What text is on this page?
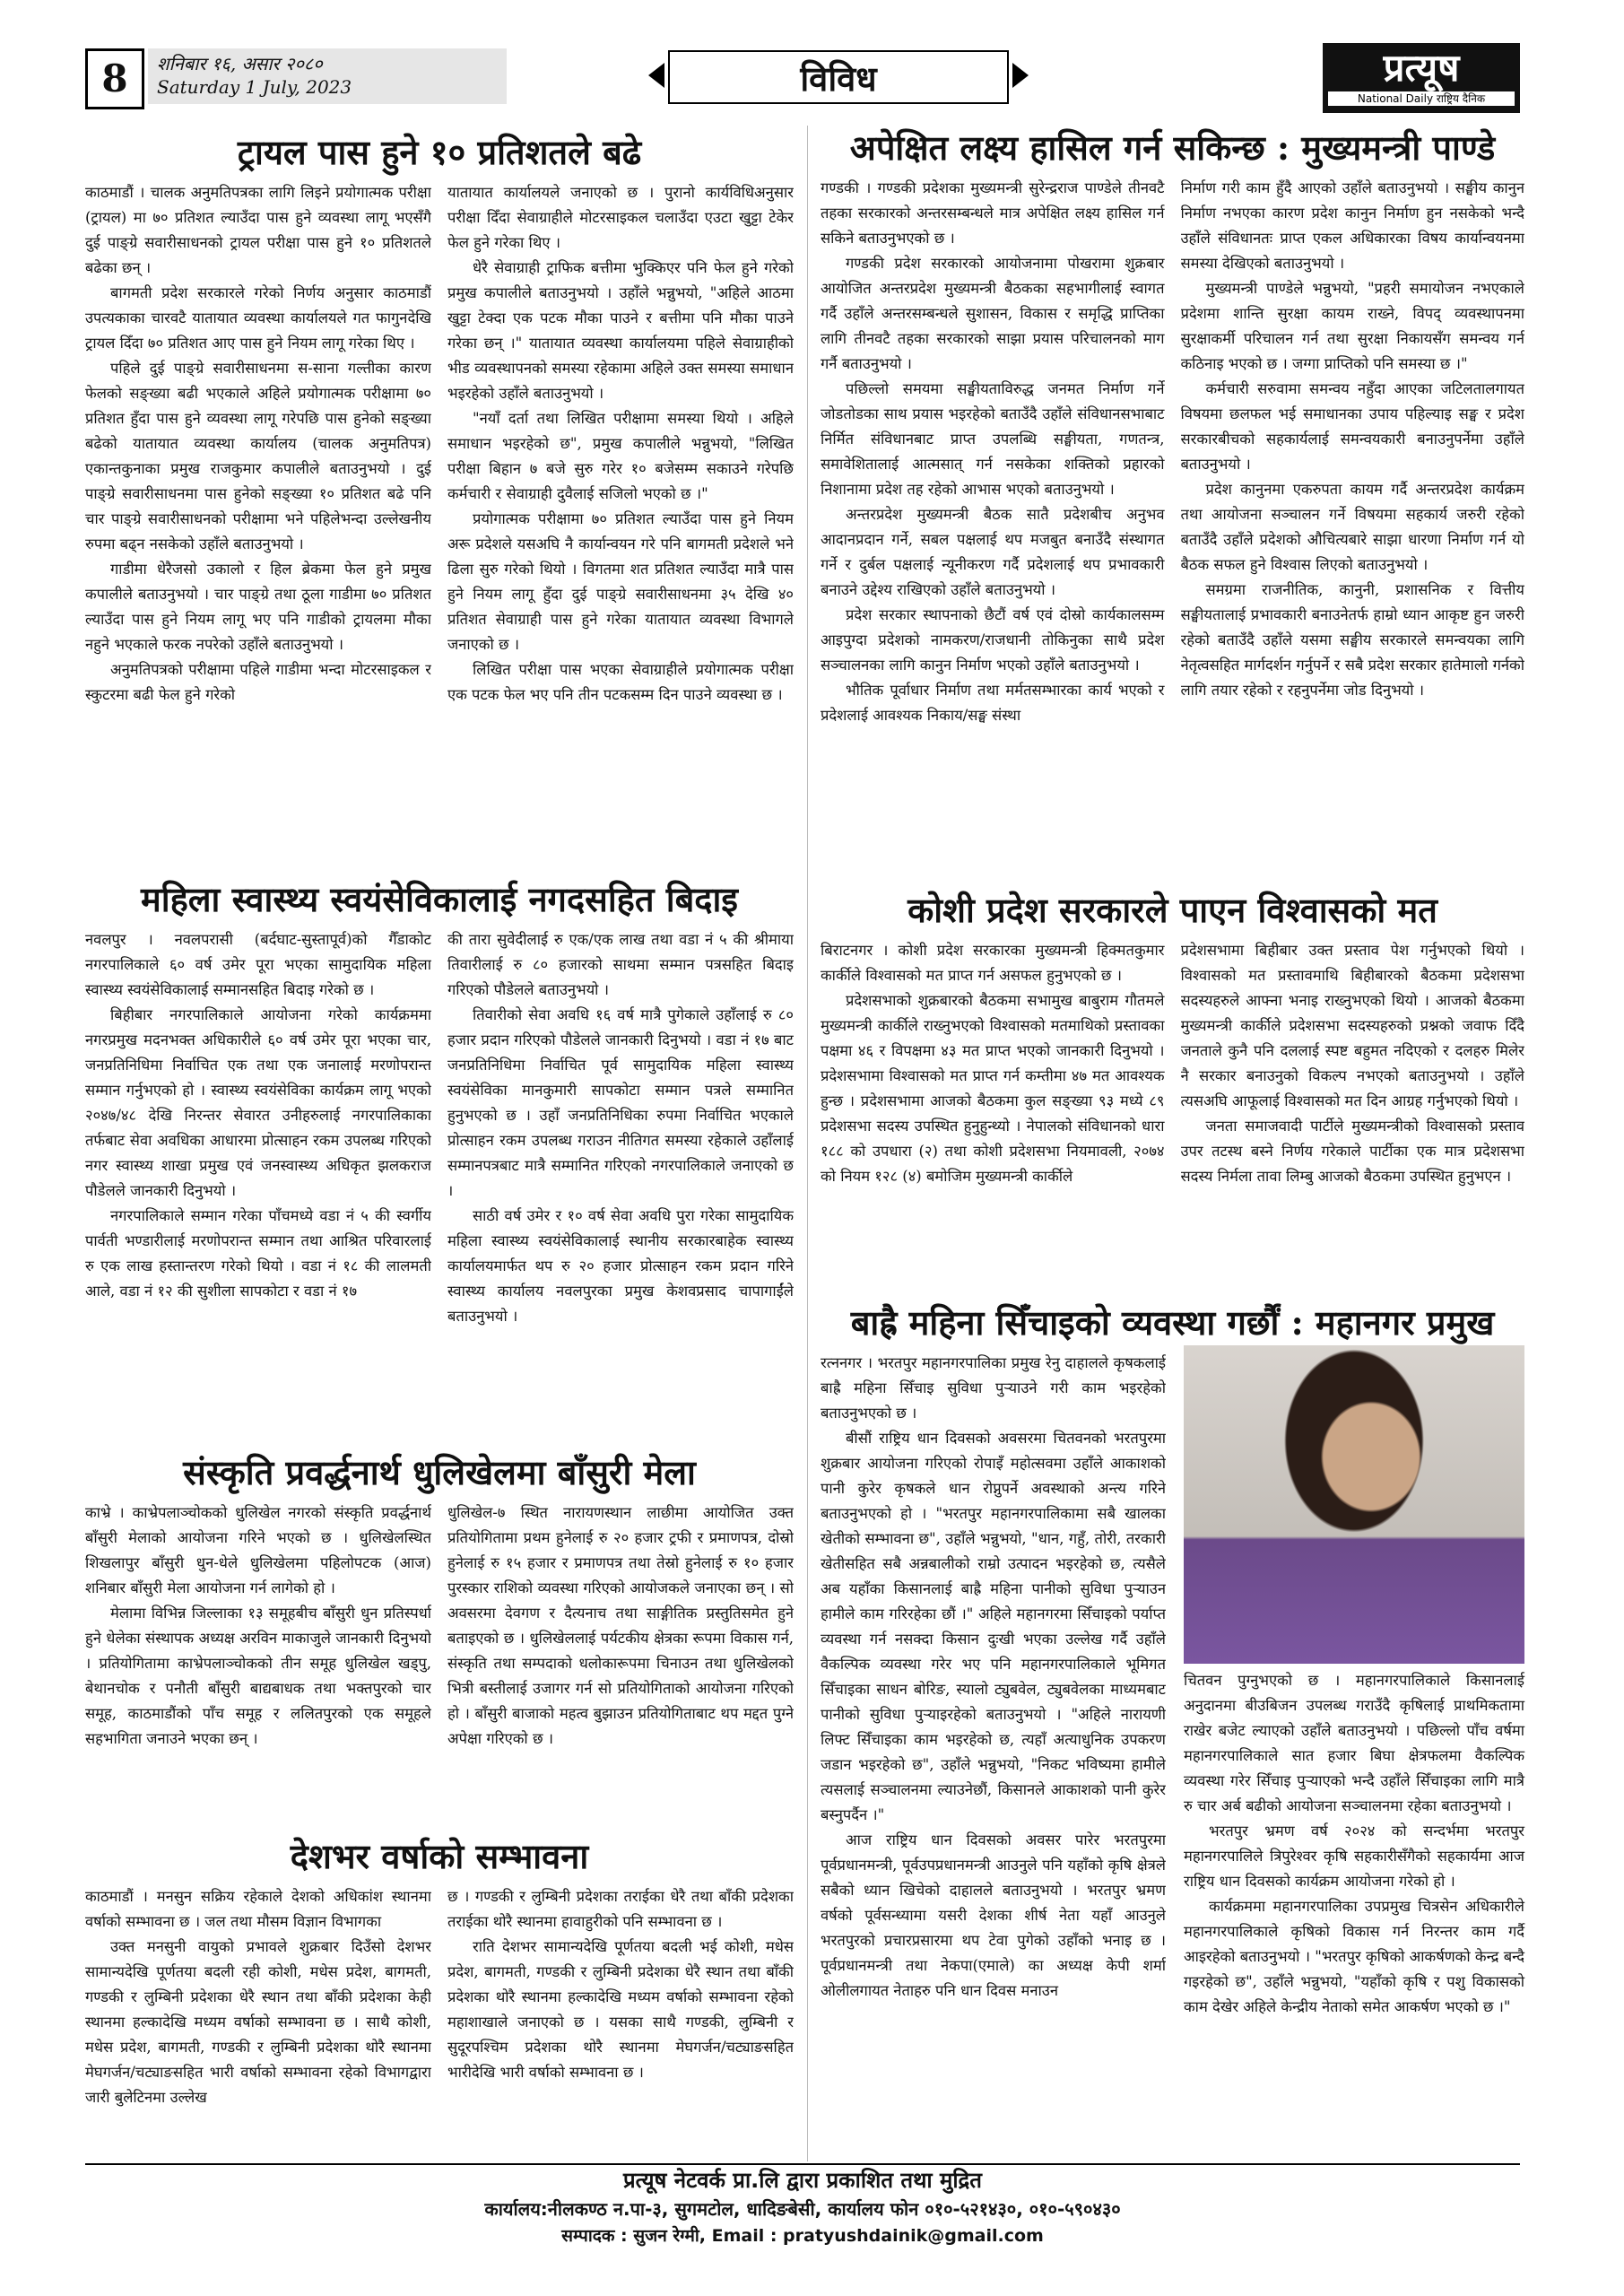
8	शनिबार १६, असार २०८०
Saturday 1 July, 2023	विविध	प्रत्यूष
National Daily राष्ट्रिय दैनिक
ट्रायल पास हुने १० प्रतिशतले बढे

काठमाडौं । चालक अनुमतिपत्रका लागि लिइने प्रयोगात्मक परीक्षा (ट्रायल) मा ७० प्रतिशत ल्याउँदा पास हुने व्यवस्था लागू भएसँगै दुई पाङ्ग्रे सवारीसाधनको ट्रायल परीक्षा पास हुने १० प्रतिशतले बढेका छन् ।

बागमती प्रदेश सरकारले गरेको निर्णय अनुसार काठमाडौं उपत्यकाका चारवटै यातायात व्यवस्था कार्यालयले गत फागुनदेखि ट्रायल दिँदा ७० प्रतिशत आए पास हुने नियम लागू गरेका थिए ।

पहिले दुई पाङ्ग्रे सवारीसाधनमा स-साना गल्तीका कारण फेलको सङ्ख्या बढी भएकाले अहिले प्रयोगात्मक परीक्षामा ७० प्रतिशत हुँदा पास हुने व्यवस्था लागू गरेपछि पास हुनेको सङ्ख्या बढेको यातायात व्यवस्था कार्यालय (चालक अनुमतिपत्र) एकान्तकुनाका प्रमुख राजकुमार कपालीले बताउनुभयो । दुई पाङ्ग्रे सवारीसाधनमा पास हुनेको सङ्ख्या १० प्रतिशत बढे पनि चार पाङ्ग्रे सवारीसाधनको परीक्षामा भने पहिलेभन्दा उल्लेखनीय रुपमा बढ्न नसकेको उहाँले बताउनुभयो ।

गाडीमा धेरैजसो उकालो र हिल ब्रेकमा फेल हुने प्रमुख कपालीले बताउनुभयो । चार पाङ्ग्रे तथा ठूला गाडीमा ७० प्रतिशत ल्याउँदा पास हुने नियम लागू भए पनि गाडीको ट्रायलमा मौका नहुने भएकाले फरक नपरेको उहाँले बताउनुभयो ।

अनुमतिपत्रको परीक्षामा पहिले गाडीमा भन्दा मोटरसाइकल र स्कुटरमा बढी फेल हुने गरेको

यातायात कार्यालयले जनाएको छ । पुरानो कार्यविधिअनुसार परीक्षा दिँदा सेवाग्राहीले मोटरसाइकल चलाउँदा एउटा खुट्टा टेकेर फेल हुने गरेका थिए ।

धेरै सेवाग्राही ट्राफिक बत्तीमा भुक्किएर पनि फेल हुने गरेको प्रमुख कपालीले बताउनुभयो । उहाँले भन्नुभयो, "अहिले आठमा खुट्टा टेक्दा एक पटक मौका पाउने र बत्तीमा पनि मौका पाउने गरेका छन् ।" यातायात व्यवस्था कार्यालयमा पहिले सेवाग्राहीको भीड व्यवस्थापनको समस्या रहेकामा अहिले उक्त समस्या समाधान भइरहेको उहाँले बताउनुभयो ।

"नयाँ दर्ता तथा लिखित परीक्षामा समस्या थियो । अहिले समाधान भइरहेको छ", प्रमुख कपालीले भन्नुभयो, "लिखित परीक्षा बिहान ७ बजे सुरु गरेर १० बजेसम्म सकाउने गरेपछि कर्मचारी र सेवाग्राही दुवैलाई सजिलो भएको छ ।"

प्रयोगात्मक परीक्षामा ७० प्रतिशत ल्याउँदा पास हुने नियम अरू प्रदेशले यसअघि नै कार्यान्वयन गरे पनि बागमती प्रदेशले भने ढिला सुरु गरेको थियो । विगतमा शत प्रतिशत ल्याउँदा मात्रै पास हुने नियम लागू हुँदा दुई पाङ्ग्रे सवारीसाधनमा ३५ देखि ४० प्रतिशत सेवाग्राही पास हुने गरेका यातायात व्यवस्था विभागले जनाएको छ ।

लिखित परीक्षा पास भएका सेवाग्राहीले प्रयोगात्मक परीक्षा एक पटक फेल भए पनि तीन पटकसम्म दिन पाउने व्यवस्था छ ।

महिला स्वास्थ्य स्वयंसेविकालाई नगदसहित बिदाइ

नवलपुर । नवलपरासी (बर्दघाट-सुस्तापूर्व)को गैँडाकोट नगरपालिकाले ६० वर्ष उमेर पूरा भएका सामुदायिक महिला स्वास्थ्य स्वयंसेविकालाई सम्मानसहित बिदाइ गरेको छ ।

बिहीबार नगरपालिकाले आयोजना गरेको कार्यक्रममा नगरप्रमुख मदनभक्त अधिकारीले ६० वर्ष उमेर पूरा भएका चार, जनप्रतिनिधिमा निर्वाचित एक तथा एक जनालाई मरणोपरान्त सम्मान गर्नुभएको हो । स्वास्थ्य स्वयंसेविका कार्यक्रम लागू भएको २०४७/४८ देखि निरन्तर सेवारत उनीहरुलाई नगरपालिकाका तर्फबाट सेवा अवधिका आधारमा प्रोत्साहन रकम उपलब्ध गरिएको नगर स्वास्थ्य शाखा प्रमुख एवं जनस्वास्थ्य अधिकृत झलकराज पौडेलले जानकारी दिनुभयो ।

नगरपालिकाले सम्मान गरेका पाँचमध्ये वडा नं ५ की स्वर्गीय पार्वती भण्डारीलाई मरणोपरान्त सम्मान तथा आश्रित परिवारलाई रु एक लाख हस्तान्तरण गरेको थियो । वडा नं १८ की लालमती आले, वडा नं १२ की सुशीला सापकोटा र वडा नं १७

की तारा सुवेदीलाई रु एक/एक लाख तथा वडा नं ५ की श्रीमाया तिवारीलाई रु ८० हजारको साथमा सम्मान पत्रसहित बिदाइ गरिएको पौडेलले बताउनुभयो ।

तिवारीको सेवा अवधि १६ वर्ष मात्रै पुगेकाले उहाँलाई रु ८० हजार प्रदान गरिएको पौडेलले जानकारी दिनुभयो । वडा नं १७ बाट जनप्रतिनिधिमा निर्वाचित पूर्व सामुदायिक महिला स्वास्थ्य स्वयंसेविका मानकुमारी सापकोटा सम्मान पत्रले सम्मानित हुनुभएको छ । उहाँ जनप्रतिनिधिका रुपमा निर्वाचित भएकाले प्रोत्साहन रकम उपलब्ध गराउन नीतिगत समस्या रहेकाले उहाँलाई सम्मानपत्रबाट मात्रै सम्मानित गरिएको नगरपालिकाले जनाएको छ ।

साठी वर्ष उमेर र १० वर्ष सेवा अवधि पुरा गरेका सामुदायिक महिला स्वास्थ्य स्वयंसेविकालाई स्थानीय सरकारबाहेक स्वास्थ्य कार्यालयमार्फत थप रु २० हजार प्रोत्साहन रकम प्रदान गरिने स्वास्थ्य कार्यालय नवलपुरका प्रमुख केशवप्रसाद चापागाईंले बताउनुभयो ।

संस्कृति प्रवर्द्धनार्थ धुलिखेलमा बाँसुरी मेला

काभ्रे । काभ्रेपलाञ्चोकको धुलिखेल नगरको संस्कृति प्रवर्द्धनार्थ बाँसुरी मेलाको आयोजना गरिने भएको छ । धुलिखेलस्थित शिखलापुर बाँसुरी धुन-धेले धुलिखेलमा पहिलोपटक (आज) शनिबार बाँसुरी मेला आयोजना गर्न लागेको हो ।

मेलामा विभिन्न जिल्लाका १३ समूहबीच बाँसुरी धुन प्रतिस्पर्धा हुने धेलेका संस्थापक अध्यक्ष अरविन माकाजुले जानकारी दिनुभयो । प्रतियोगितामा काभ्रेपलाञ्चोकको तीन समूह धुलिखेल खड्पु, बेथानचोक र पनौती बाँसुरी बाद्यबाधक तथा भक्तपुरको चार समूह, काठमाडौंको पाँच समूह र ललितपुरको एक समूहले सहभागिता जनाउने भएका छन् ।

धुलिखेल-७ स्थित नारायणस्थान लाछीमा आयोजित उक्त प्रतियोगितामा प्रथम हुनेलाई रु २० हजार ट्रफी र प्रमाणपत्र, दोस्रो हुनेलाई रु १५ हजार र प्रमाणपत्र तथा तेस्रो हुनेलाई रु १० हजार पुरस्कार राशिको व्यवस्था गरिएको आयोजकले जनाएका छन् । सो अवसरमा देवगण र दैत्यनाच तथा साङ्गीतिक प्रस्तुतिसमेत हुने बताइएको छ । धुलिखेललाई पर्यटकीय क्षेत्रका रूपमा विकास गर्न, संस्कृति तथा सम्पदाको धलोकारूपमा चिनाउन तथा धुलिखेलको भित्री बस्तीलाई उजागर गर्न सो प्रतियोगिताको आयोजना गरिएको हो । बाँसुरी बाजाको महत्व बुझाउन प्रतियोगिताबाट थप मद्दत पुग्ने अपेक्षा गरिएको छ ।

देशभर वर्षाको सम्भावना

काठमाडौं । मनसुन सक्रिय रहेकाले देशको अधिकांश स्थानमा वर्षाको सम्भावना छ । जल तथा मौसम विज्ञान विभागका

उक्त मनसुनी वायुको प्रभावले शुक्रबार दिउँसो देशभर सामान्यदेखि पूर्णतया बदली रही कोशी, मधेस प्रदेश, बागमती, गण्डकी र लुम्बिनी प्रदेशका धेरै स्थान तथा बाँकी प्रदेशका केही स्थानमा हल्कादेखि मध्यम वर्षाको सम्भावना छ । साथै कोशी, मधेस प्रदेश, बागमती, गण्डकी र लुम्बिनी प्रदेशका थोरै स्थानमा मेघगर्जन/चट्याङसहित भारी वर्षाको सम्भावना रहेको विभागद्वारा जारी बुलेटिनमा उल्लेख

छ । गण्डकी र लुम्बिनी प्रदेशका तराईका धेरै तथा बाँकी प्रदेशका तराईका थोरै स्थानमा हावाहुरीको पनि सम्भावना छ ।

राति देशभर सामान्यदेखि पूर्णतया बदली भई कोशी, मधेस प्रदेश, बागमती, गण्डकी र लुम्बिनी प्रदेशका धेरै स्थान तथा बाँकी प्रदेशका थोरै स्थानमा हल्कादेखि मध्यम वर्षाको सम्भावना रहेको महाशाखाले जनाएको छ । यसका साथै गण्डकी, लुम्बिनी र सुदूरपश्चिम प्रदेशका थोरै स्थानमा मेघगर्जन/चट्याङसहित भारीदेखि भारी वर्षाको सम्भावना छ ।

अपेक्षित लक्ष्य हासिल गर्न सकिन्छ : मुख्यमन्त्री पाण्डे

गण्डकी । गण्डकी प्रदेशका मुख्यमन्त्री सुरेन्द्रराज पाण्डेले तीनवटै तहका सरकारको अन्तरसम्बन्धले मात्र अपेक्षित लक्ष्य हासिल गर्न सकिने बताउनुभएको छ ।

गण्डकी प्रदेश सरकारको आयोजनामा पोखरामा शुक्रबार आयोजित अन्तरप्रदेश मुख्यमन्त्री बैठकका सहभागीलाई स्वागत गर्दै उहाँले अन्तरसम्बन्धले सुशासन, विकास र समृद्धि प्राप्तिका लागि तीनवटै तहका सरकारको साझा प्रयास परिचालनको माग गर्नै बताउनुभयो ।

पछिल्लो समयमा सङ्घीयताविरुद्ध जनमत निर्माण गर्ने जोडतोडका साथ प्रयास भइरहेको बताउँदै उहाँले संविधानसभाबाट निर्मित संविधानबाट प्राप्त उपलब्धि सङ्घीयता, गणतन्त्र, समावेशितालाई आत्मसात् गर्न नसकेका शक्तिको प्रहारको निशानामा प्रदेश तह रहेको आभास भएको बताउनुभयो ।

अन्तरप्रदेश मुख्यमन्त्री बैठक सातै प्रदेशबीच अनुभव आदानप्रदान गर्ने, सबल पक्षलाई थप मजबुत बनाउँदै संस्थागत गर्ने र दुर्बल पक्षलाई न्यूनीकरण गर्दै प्रदेशलाई थप प्रभावकारी बनाउने उद्देश्य राखिएको उहाँले बताउनुभयो ।

प्रदेश सरकार स्थापनाको छैटौं वर्ष एवं दोस्रो कार्यकालसम्म आइपुग्दा प्रदेशको नामकरण/राजधानी तोकिनुका साथै प्रदेश सञ्चालनका लागि कानुन निर्माण भएको उहाँले बताउनुभयो ।

भौतिक पूर्वाधार निर्माण तथा मर्मतसम्भारका कार्य भएको र प्रदेशलाई आवश्यक निकाय/सङ्घ संस्था

निर्माण गरी काम हुँदै आएको उहाँले बताउनुभयो । सङ्घीय कानुन निर्माण नभएका कारण प्रदेश कानुन निर्माण हुन नसकेको भन्दै उहाँले संविधानतः प्राप्त एकल अधिकारका विषय कार्यान्वयनमा समस्या देखिएको बताउनुभयो ।

मुख्यमन्त्री पाण्डेले भन्नुभयो, "प्रहरी समायोजन नभएकाले प्रदेशमा शान्ति सुरक्षा कायम राख्ने, विपद् व्यवस्थापनमा सुरक्षाकर्मी परिचालन गर्न तथा सुरक्षा निकायसँग समन्वय गर्न कठिनाइ भएको छ । जग्गा प्राप्तिको पनि समस्या छ ।"

कर्मचारी सरुवामा समन्वय नहुँदा आएका जटिलतालगायत विषयमा छलफल भई समाधानका उपाय पहिल्याइ सङ्घ र प्रदेश सरकारबीचको सहकार्यलाई समन्वयकारी बनाउनुपर्नेमा उहाँले बताउनुभयो ।

प्रदेश कानुनमा एकरुपता कायम गर्दै अन्तरप्रदेश कार्यक्रम तथा आयोजना सञ्चालन गर्ने विषयमा सहकार्य जरुरी रहेको बताउँदै उहाँले प्रदेशको औचित्यबारे साझा धारणा निर्माण गर्न यो बैठक सफल हुने विश्वास लिएको बताउनुभयो ।

समग्रमा राजनीतिक, कानुनी, प्रशासनिक र वित्तीय सङ्घीयतालाई प्रभावकारी बनाउनेतर्फ हाम्रो ध्यान आकृष्ट हुन जरुरी रहेको बताउँदै उहाँले यसमा सङ्घीय सरकारले समन्वयका लागि नेतृत्वसहित मार्गदर्शन गर्नुपर्ने र सबै प्रदेश सरकार हातेमालो गर्नको लागि तयार रहेको र रहनुपर्नेमा जोड दिनुभयो ।

कोशी प्रदेश सरकारले पाएन विश्वासको मत

बिराटनगर । कोशी प्रदेश सरकारका मुख्यमन्त्री हिक्मतकुमार कार्कीले विश्वासको मत प्राप्त गर्न असफल हुनुभएको छ ।

प्रदेशसभाको शुक्रबारको बैठकमा सभामुख बाबुराम गौतमले मुख्यमन्त्री कार्कीले राख्नुभएको विश्वासको मतमाथिको प्रस्तावका पक्षमा ४६ र विपक्षमा ४३ मत प्राप्त भएको जानकारी दिनुभयो । प्रदेशसभामा विश्वासको मत प्राप्त गर्न कम्तीमा ४७ मत आवश्यक हुन्छ । प्रदेशसभामा आजको बैठकमा कुल सङ्ख्या ९३ मध्ये ८९ प्रदेशसभा सदस्य उपस्थित हुनुहुन्थ्यो । नेपालको संविधानको धारा १८८ को उपधारा (२) तथा कोशी प्रदेशसभा नियमावली, २०७४ को नियम १२८ (४) बमोजिम मुख्यमन्त्री कार्कीले

प्रदेशसभामा बिहीबार उक्त प्रस्ताव पेश गर्नुभएको थियो । विश्वासको मत प्रस्तावमाथि बिहीबारको बैठकमा प्रदेशसभा सदस्यहरुले आफ्ना भनाइ राख्नुभएको थियो । आजको बैठकमा मुख्यमन्त्री कार्कीले प्रदेशसभा सदस्यहरुको प्रश्नको जवाफ दिँदै जनताले कुनै पनि दललाई स्पष्ट बहुमत नदिएको र दलहरु मिलेर नै सरकार बनाउनुको विकल्प नभएको बताउनुभयो । उहाँले त्यसअघि आफूलाई विश्वासको मत दिन आग्रह गर्नुभएको थियो ।

जनता समाजवादी पार्टीले मुख्यमन्त्रीको विश्वासको प्रस्ताव उपर तटस्थ बस्ने निर्णय गरेकाले पार्टीका एक मात्र प्रदेशसभा सदस्य निर्मला तावा लिम्बु आजको बैठकमा उपस्थित हुनुभएन ।

बाह्रै महिना सिँचाइको व्यवस्था गर्छौं : महानगर प्रमुख

रत्ननगर । भरतपुर महानगरपालिका प्रमुख रेनु दाहालले कृषकलाई बाह्रै महिना सिँचाइ सुविधा पुऱ्याउने गरी काम भइरहेको बताउनुभएको छ ।

बीसौं राष्ट्रिय धान दिवसको अवसरमा चितवनको भरतपुरमा शुक्रबार आयोजना गरिएको रोपाइँ महोत्सवमा उहाँले आकाशको पानी कुरेर कृषकले धान रोप्नुपर्ने अवस्थाको अन्त्य गरिने बताउनुभएको हो । "भरतपुर महानगरपालिकामा सबै खालका खेतीको सम्भावना छ", उहाँले भन्नुभयो, "धान, गहुँ, तोरी, तरकारी खेतीसहित सबै अन्नबालीको राम्रो उत्पादन भइरहेको छ, त्यसैले अब यहाँका किसानलाई बाह्रै महिना पानीको सुविधा पुऱ्याउन हामीले काम गरिरहेका छौं ।" अहिले महानगरमा सिँचाइको पर्याप्त व्यवस्था गर्न नसक्दा किसान दुःखी भएका उल्लेख गर्दै उहाँले वैकल्पिक व्यवस्था गरेर भए पनि महानगरपालिकाले भूमिगत सिँचाइका साधन बोरिङ, स्यालो ट्युबवेल, ट्युबवेलका माध्यमबाट पानीको सुविधा पुऱ्याइरहेको बताउनुभयो । "अहिले नारायणी लिफ्ट सिँचाइका काम भइरहेको छ, त्यहाँ अत्याधुनिक उपकरण जडान भइरहेको छ", उहाँले भन्नुभयो, "निकट भविष्यमा हामीले त्यसलाई सञ्चालनमा ल्याउनेछौं, किसानले आकाशको पानी कुरेर बस्नुपर्दैन ।"

आज राष्ट्रिय धान दिवसको अवसर पारेर भरतपुरमा पूर्वप्रधानमन्त्री, पूर्वउपप्रधानमन्त्री आउनुले पनि यहाँको कृषि क्षेत्रले सबैको ध्यान खिचेको दाहालले बताउनुभयो । भरतपुर भ्रमण वर्षको पूर्वसन्ध्यामा यसरी देशका शीर्ष नेता यहाँ आउनुले भरतपुरको प्रचारप्रसारमा थप टेवा पुगेको उहाँको भनाइ छ । पूर्वप्रधानमन्त्री तथा नेकपा(एमाले) का अध्यक्ष केपी शर्मा ओलीलगायत नेताहरु पनि धान दिवस मनाउन

चितवन पुग्नुभएको छ । महानगरपालिकाले किसानलाई अनुदानमा बीउबिजन उपलब्ध गराउँदै कृषिलाई प्राथमिकतामा राखेर बजेट ल्याएको उहाँले बताउनुभयो । पछिल्लो पाँच वर्षमा महानगरपालिकाले सात हजार बिघा क्षेत्रफलमा वैकल्पिक व्यवस्था गरेर सिँचाइ पुऱ्याएको भन्दै उहाँले सिँचाइका लागि मात्रै रु चार अर्ब बढीको आयोजना सञ्चालनमा रहेका बताउनुभयो ।

भरतपुर भ्रमण वर्ष २०२४ को सन्दर्भमा भरतपुर महानगरपालिले त्रिपुरेश्वर कृषि सहकारीसँगैको सहकार्यमा आज राष्ट्रिय धान दिवसको कार्यक्रम आयोजना गरेको हो ।

कार्यक्रममा महानगरपालिका उपप्रमुख चित्रसेन अधिकारीले महानगरपालिकाले कृषिको विकास गर्न निरन्तर काम गर्दै आइरहेको बताउनुभयो । "भरतपुर कृषिको आकर्षणको केन्द्र बन्दै गइरहेको छ", उहाँले भन्नुभयो, "यहाँको कृषि र पशु विकासको काम देखेर अहिले केन्द्रीय नेताको समेत आकर्षण भएको छ ।"

प्रत्यूष नेटवर्क प्रा.लि द्वारा प्रकाशित तथा मुद्रित
कार्यालय:नीलकण्ठ न.पा-३, सुगमटोल, धादिङबेसी, कार्यालय फोन ०१०-५२१४३०, ०१०-५९०४३०
सम्पादक : सुजन रेग्मी, Email : pratyushdainik@gmail.com
